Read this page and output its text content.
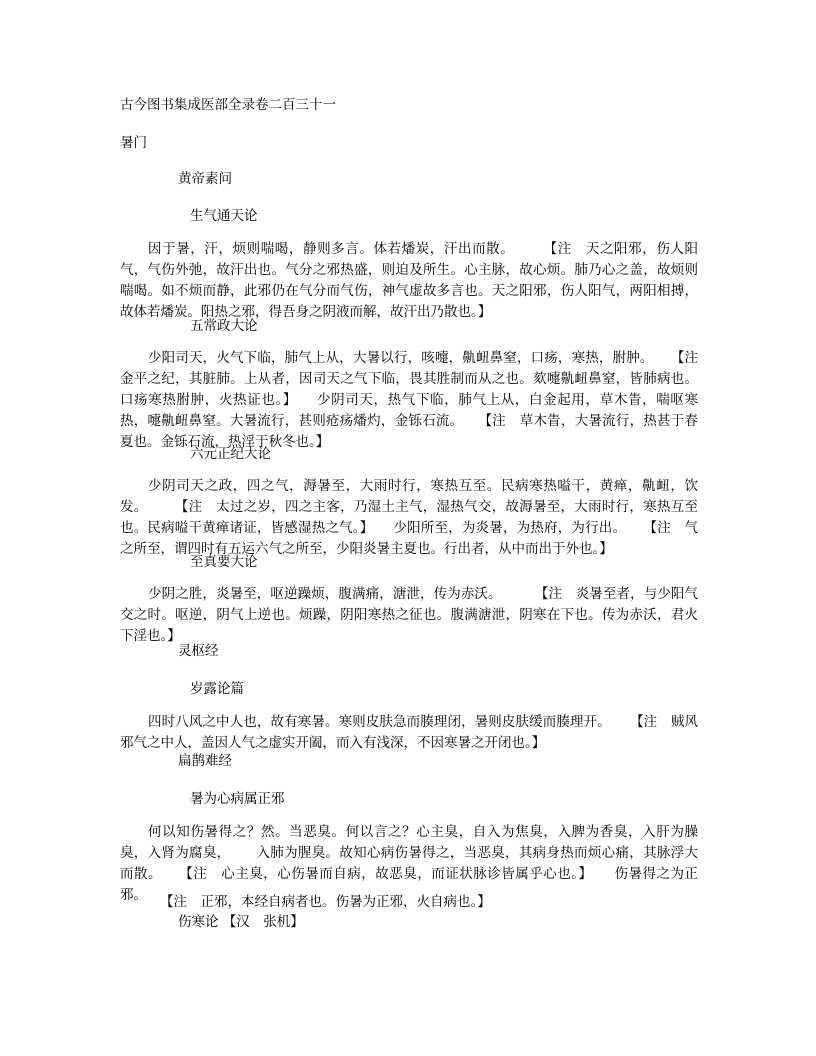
古今图书集成医部全录卷二百三十一
暑门
黄帝素问
生气通天论
因于暑，汗，烦则喘喝，静则多言。体若燔炭，汗出而散。	【注　天之阳邪，伤人阳气，气伤外弛，故汗出也。气分之邪热盛，则迫及所生。心主脉，故心烦。肺乃心之盖，故烦则喘喝。如不烦而静，此邪仍在气分而气伤，神气虚故多言也。天之阳邪，伤人阳气，两阳相搏，故体若燔炭。阳热之邪，得吾身之阴液而解，故汗出乃散也。】
五常政大论
少阳司天，火气下临，肺气上从，大暑以行，咳嚏，鼽衄鼻窒，口疡，寒热，胕肿。 【注　金平之纪，其脏肺。上从者，因司天之气下临，畏其胜制而从之也。欬嚏鼽衄鼻窒，皆肺病也。口疡寒热胕肿，火热证也。】 少阴司天，热气下临，肺气上从，白金起用，草木眚，喘呕寒热，嚏鼽衄鼻窒。大暑流行，甚则疮疡燔灼，金铄石流。 【注　草木眚，大暑流行，热甚于春夏也。金铄石流，热淫于秋冬也。】
六元正纪大论
少阴司天之政，四之气，溽暑至，大雨时行，寒热互至。民病寒热嗌干，黄瘅，鼽衄，饮发。	【注　太过之岁，四之主客，乃湿土主气，湿热气交，故溽暑至，大雨时行，寒热互至也。民病嗌干黄瘅诸证，皆感湿热之气。】 少阳所至，为炎暑，为热府，为行出。 【注　气之所至，谓四时有五运六气之所至，少阳炎暑主夏也。行出者，从中而出于外也。】
至真要大论
少阴之胜，炎暑至，呕逆躁烦，腹满痛，溏泄，传为赤沃。	【注　炎暑至者，与少阳气交之时。呕逆，阴气上逆也。烦躁，阴阳寒热之征也。腹满溏泄，阴寒在下也。传为赤沃，君火下淫也。】
灵枢经
岁露论篇
四时八风之中人也，故有寒暑。寒则皮肤急而腠理闭，暑则皮肤缓而腠理开。 【注　贼风邪气之中人，盖因人气之虚实开阖，而入有浅深，不因寒暑之开闭也。】
扁鹊难经
暑为心病属正邪
何以知伤暑得之？然。当恶臭。何以言之？心主臭，自入为焦臭，入脾为香臭，入肝为臊臭，入肾为腐臭， 入肺为腥臭。故知心病伤暑得之，当恶臭，其病身热而烦心痛，其脉浮大而散。 【注　心主臭，心伤暑而自病，故恶臭，而证状脉诊皆属乎心也。】 伤暑得之为正邪。 【注　正邪，本经自病者也。伤暑为正邪，火自病也。】
伤寒论 【汉　张机】
